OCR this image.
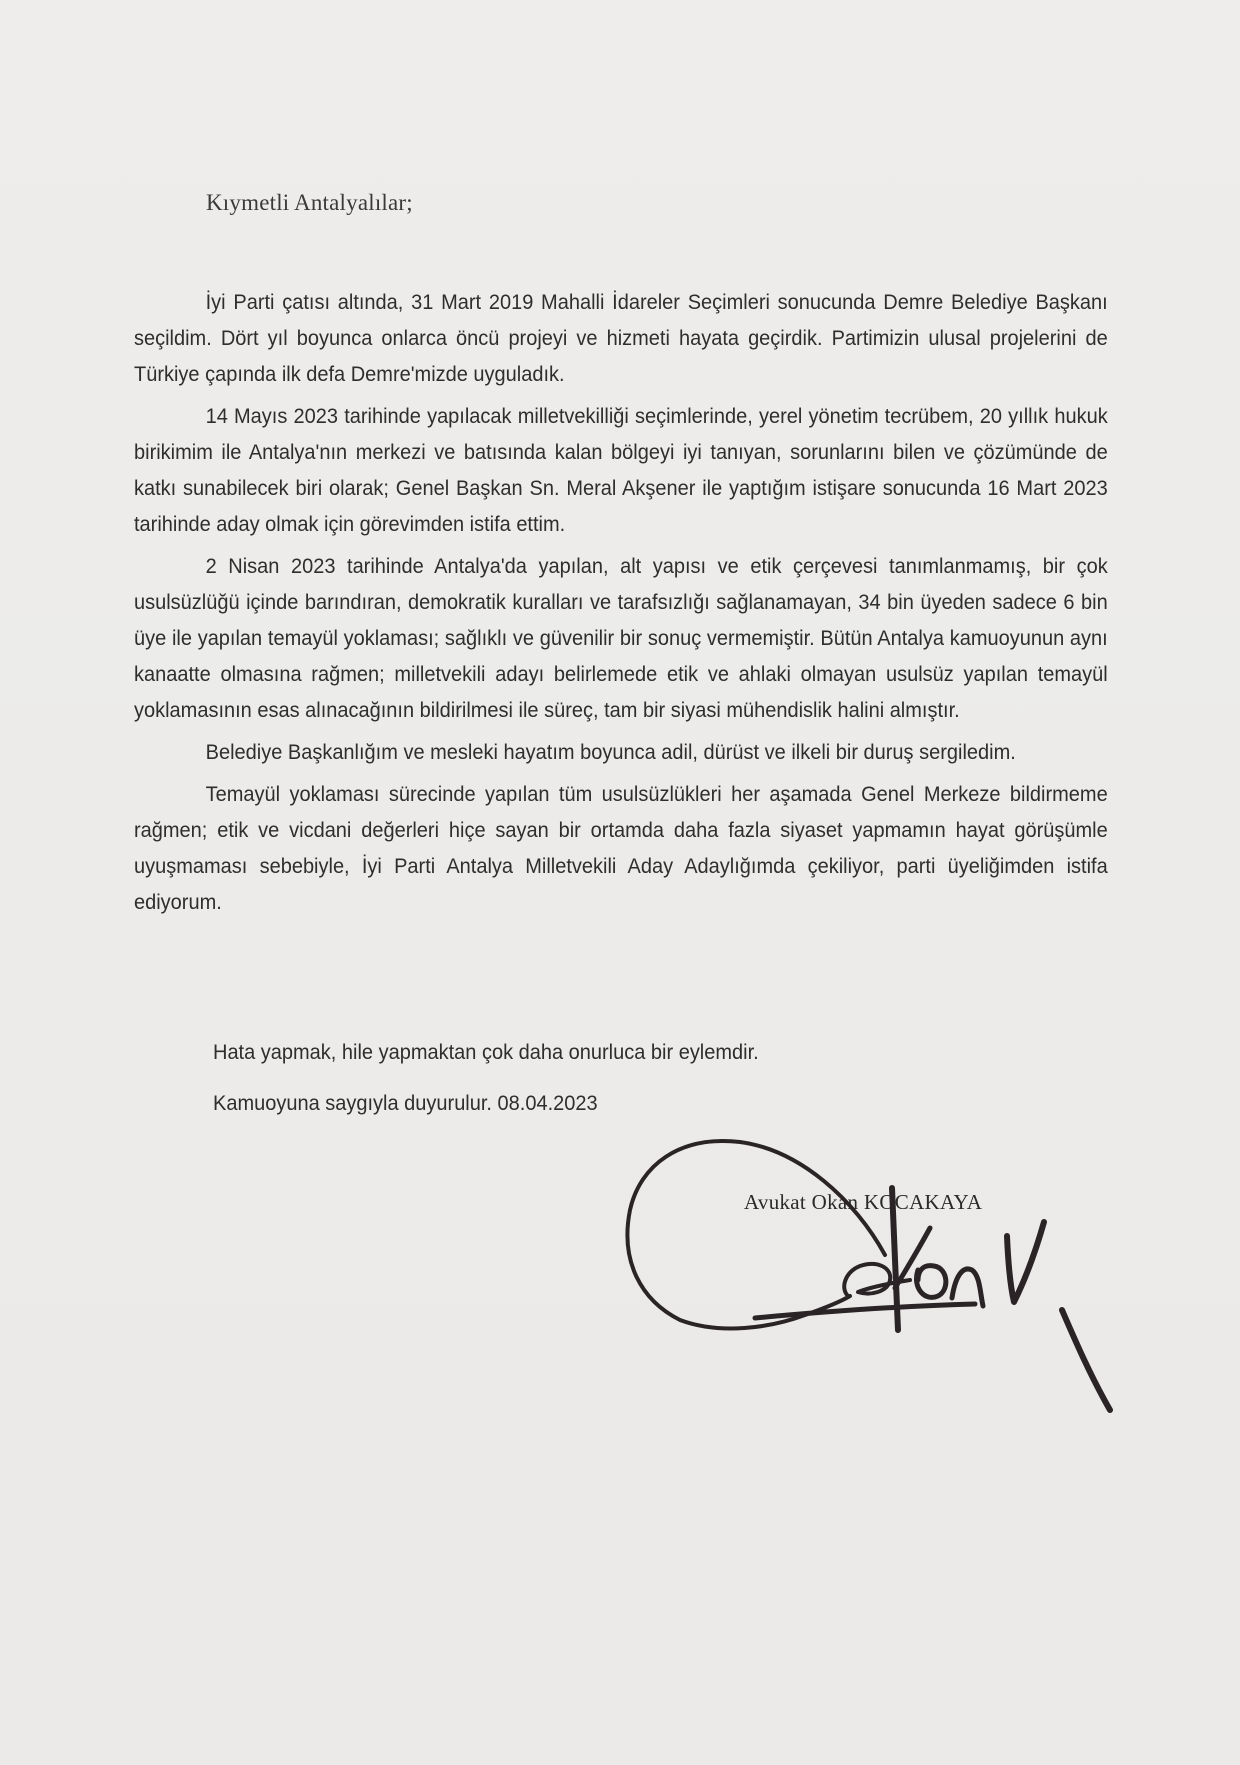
Kıymetli Antalyalılar;

İyi Parti çatısı altında, 31 Mart 2019 Mahalli İdareler Seçimleri sonucunda Demre Belediye Başkanı seçildim. Dört yıl boyunca onlarca öncü projeyi ve hizmeti hayata geçirdik. Partimizin ulusal projelerini de Türkiye çapında ilk defa Demre'mizde uyguladık.

14 Mayıs 2023 tarihinde yapılacak milletvekilliği seçimlerinde, yerel yönetim tecrübem, 20 yıllık hukuk birikimim ile Antalya'nın merkezi ve batısında kalan bölgeyi iyi tanıyan, sorunlarını bilen ve çözümünde de katkı sunabilecek biri olarak; Genel Başkan Sn. Meral Akşener ile yaptığım istişare sonucunda 16 Mart 2023 tarihinde aday olmak için görevimden istifa ettim.

2 Nisan 2023 tarihinde Antalya'da yapılan, alt yapısı ve etik çerçevesi tanımlanmamış, bir çok usulsüzlüğü içinde barındıran, demokratik kuralları ve tarafsızlığı sağlanamayan, 34 bin üyeden sadece 6 bin üye ile yapılan temayül yoklaması; sağlıklı ve güvenilir bir sonuç vermemiştir. Bütün Antalya kamuoyunun aynı kanaatte olmasına rağmen; milletvekili adayı belirlemede etik ve ahlaki olmayan usulsüz yapılan temayül yoklamasının esas alınacağının bildirilmesi ile süreç, tam bir siyasi mühendislik halini almıştır.

Belediye Başkanlığım ve mesleki hayatım boyunca adil, dürüst ve ilkeli bir duruş sergiledim.

Temayül yoklaması sürecinde yapılan tüm usulsüzlükleri her aşamada Genel Merkeze bildirmeme rağmen; etik ve vicdani değerleri hiçe sayan bir ortamda daha fazla siyaset yapmamın hayat görüşümle uyuşmaması sebebiyle, İyi Parti Antalya Milletvekili Aday Adaylığımda çekiliyor, parti üyeliğimden istifa ediyorum.

Hata yapmak, hile yapmaktan çok daha onurluca bir eylemdir.
Kamuoyuna saygıyla duyurulur. 08.04.2023
Avukat Okan KOCAKAYA
